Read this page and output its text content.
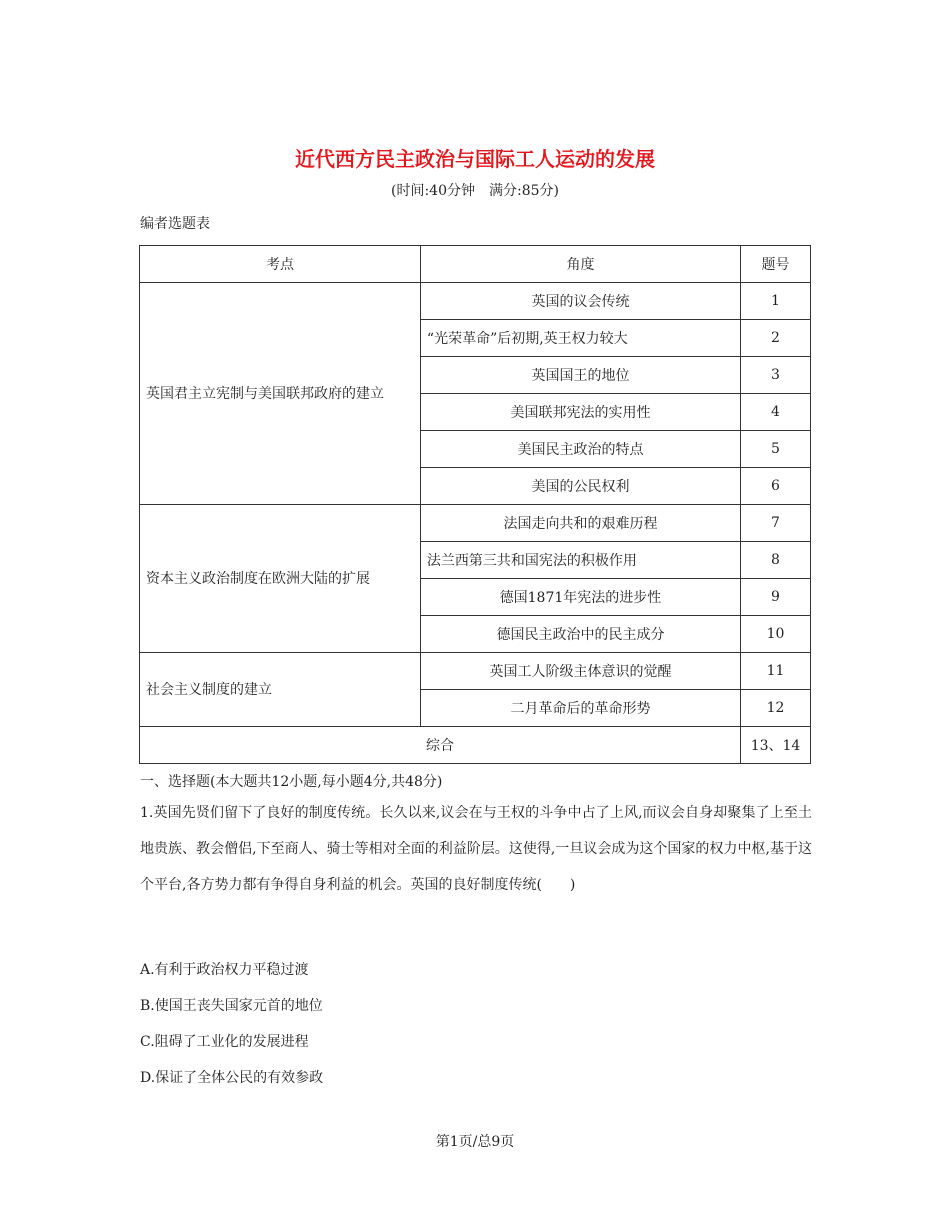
近代西方民主政治与国际工人运动的发展
(时间:40分钟　满分:85分)
编者选题表
考点	角度	题号
英国君主立宪制与美国联邦政府的建立	英国的议会传统	1
	“光荣革命”后初期,英王权力较大	2
	英国国王的地位	3
	美国联邦宪法的实用性	4
	美国民主政治的特点	5
	美国的公民权利	6
资本主义政治制度在欧洲大陆的扩展	法国走向共和的艰难历程	7
	法兰西第三共和国宪法的积极作用	8
	德国1871年宪法的进步性	9
	德国民主政治中的民主成分	10
社会主义制度的建立	英国工人阶级主体意识的觉醒	11
	二月革命后的革命形势	12
综合		13、14
一、选择题(本大题共12小题,每小题4分,共48分)
1.英国先贤们留下了良好的制度传统。长久以来,议会在与王权的斗争中占了上风,而议会自身却聚集了上至土地贵族、教会僧侣,下至商人、骑士等相对全面的利益阶层。这使得,一旦议会成为这个国家的权力中枢,基于这个平台,各方势力都有争得自身利益的机会。英国的良好制度传统(　　)
A.有利于政治权力平稳过渡
B.使国王丧失国家元首的地位
C.阻碍了工业化的发展进程
D.保证了全体公民的有效参政
第1页/总9页
